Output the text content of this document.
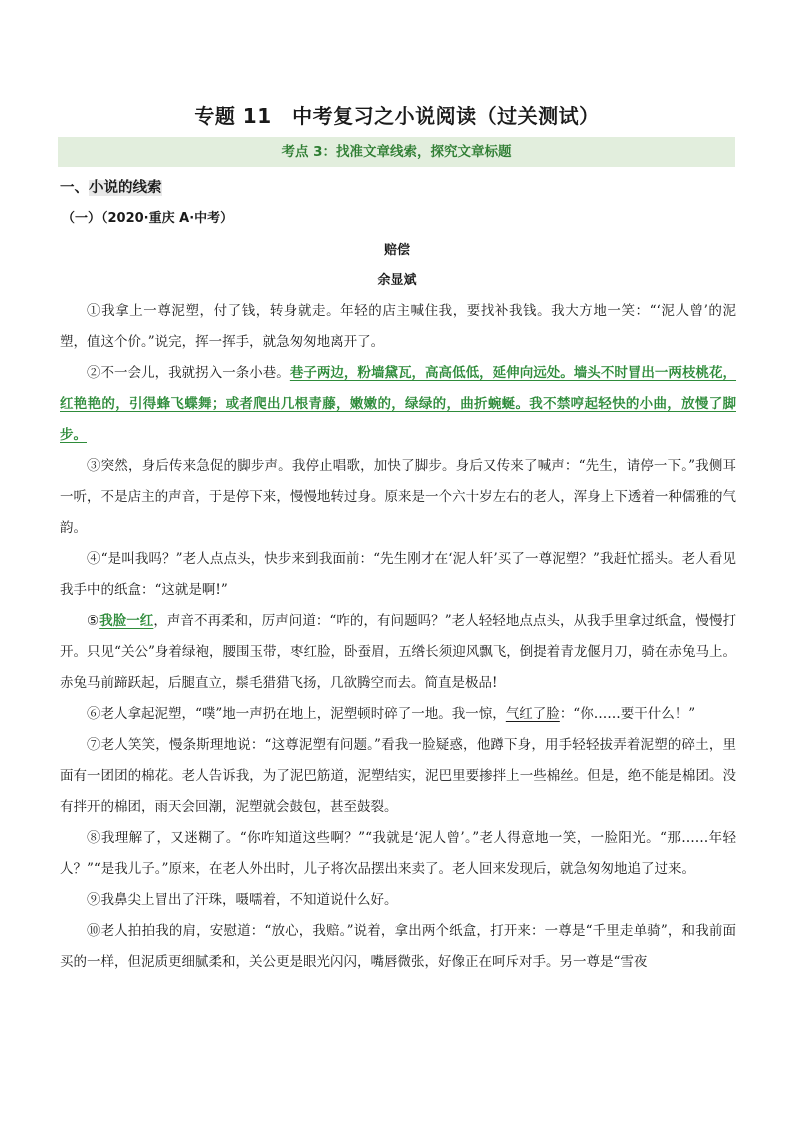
专题 11　中考复习之小说阅读（过关测试）
考点 3：找准文章线索，探究文章标题
一、小说的线索
（一）（2020·重庆 A·中考）
赔偿
余显斌

①我拿上一尊泥塑，付了钱，转身就走。年轻的店主喊住我，要找补我钱。我大方地一笑：“‘泥人曾’的泥塑，值这个价。”说完，挥一挥手，就急匆匆地离开了。

②不一会儿，我就拐入一条小巷。巷子两边，粉墙黛瓦，高高低低，延伸向远处。墙头不时冒出一两枝桃花，红艳艳的，引得蜂飞蝶舞；或者爬出几根青藤，嫩嫩的，绿绿的，曲折蜿蜒。我不禁哼起轻快的小曲，放慢了脚步。

③突然，身后传来急促的脚步声。我停止唱歌，加快了脚步。身后又传来了喊声：“先生，请停一下。”我侧耳一听，不是店主的声音，于是停下来，慢慢地转过身。原来是一个六十岁左右的老人，浑身上下透着一种儒雅的气韵。

④“是叫我吗？”老人点点头，快步来到我面前：“先生刚才在‘泥人轩’买了一尊泥塑？”我赶忙摇头。老人看见我手中的纸盒：“这就是啊!”

⑤我脸一红，声音不再柔和，厉声问道：“咋的，有问题吗？”老人轻轻地点点头，从我手里拿过纸盒，慢慢打开。只见“关公”身着绿袍，腰围玉带，枣红脸，卧蚕眉，五绺长须迎风飘飞，倒提着青龙偃月刀，骑在赤兔马上。赤兔马前蹄跃起，后腿直立，鬃毛猎猎飞扬，几欲腾空而去。简直是极品!

⑥老人拿起泥塑，“噗”地一声扔在地上，泥塑顿时碎了一地。我一惊，气红了脸：“你……要干什么！”

⑦老人笑笑，慢条斯理地说：“这尊泥塑有问题。”看我一脸疑惑，他蹲下身，用手轻轻拔弄着泥塑的碎土，里面有一团团的棉花。老人告诉我，为了泥巴筋道，泥塑结实，泥巴里要掺拌上一些棉丝。但是，绝不能是棉团。没有拌开的棉团，雨天会回潮，泥塑就会鼓包，甚至鼓裂。

⑧我理解了，又迷糊了。“你咋知道这些啊？”“我就是‘泥人曾’。”老人得意地一笑，一脸阳光。“那……年轻人？”“是我儿子。”原来，在老人外出时，儿子将次品摆出来卖了。老人回来发现后，就急匆匆地追了过来。

⑨我鼻尖上冒出了汗珠，嗫嚅着，不知道说什么好。

⑩老人拍拍我的肩，安慰道：“放心，我赔。”说着，拿出两个纸盒，打开来：一尊是“千里走单骑”，和我前面买的一样，但泥质更细腻柔和，关公更是眼光闪闪，嘴唇微张，好像正在呵斥对手。另一尊是“雪夜
